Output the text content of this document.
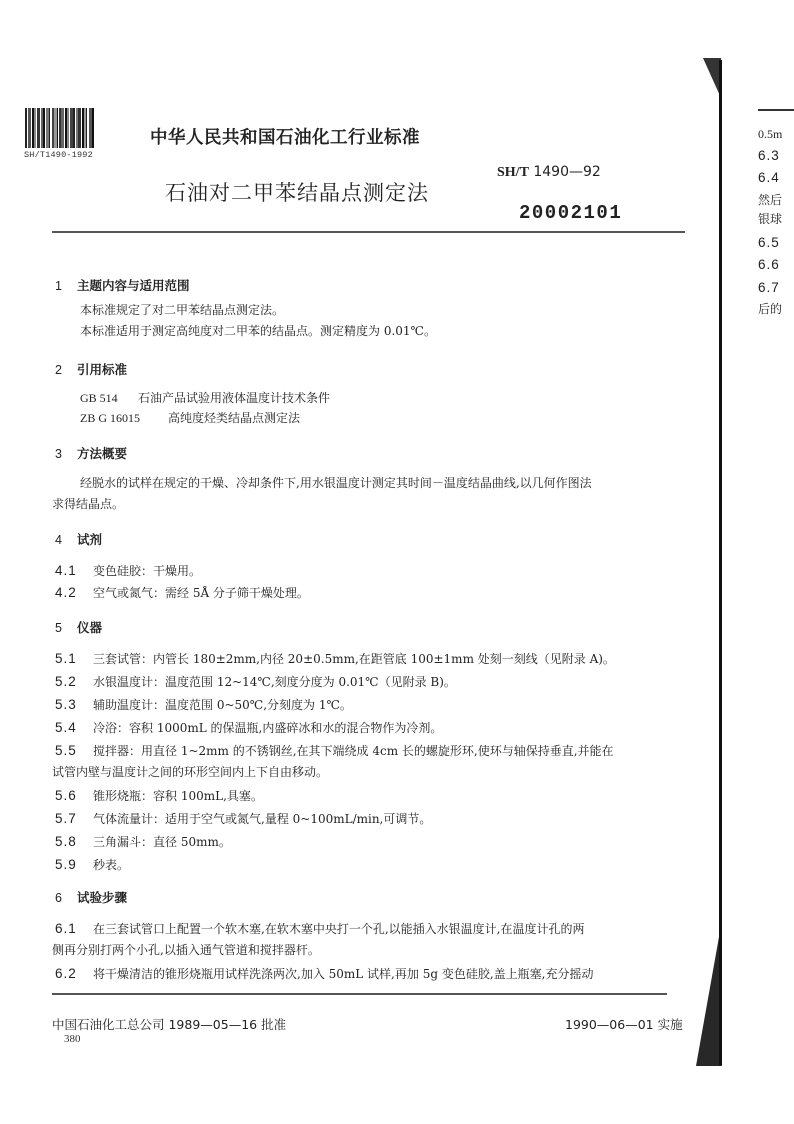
SH/T1490-1992
中华人民共和国石油化工行业标准
石油对二甲苯结晶点测定法
SH/T 1490—92
20002101
1 主题内容与适用范围
本标准规定了对二甲苯结晶点测定法。
本标准适用于测定高纯度对二甲苯的结晶点。测定精度为 0.01℃。
2 引用标准
GB 514 石油产品试验用液体温度计技术条件
ZB G 16015 高纯度烃类结晶点测定法
3 方法概要
经脱水的试样在规定的干燥、冷却条件下,用水银温度计测定其时间－温度结晶曲线,以几何作图法
求得结晶点。
4 试剂
4.1 变色硅胶：干燥用。
4.2 空气或氮气：需经 5Å 分子筛干燥处理。
5 仪器
5.1 三套试管：内管长 180±2mm,内径 20±0.5mm,在距管底 100±1mm 处刻一刻线（见附录 A)。
5.2 水银温度计：温度范围 12~14℃,刻度分度为 0.01℃（见附录 B)。
5.3 辅助温度计：温度范围 0~50℃,分刻度为 1℃。
5.4 冷浴：容积 1000mL 的保温瓶,内盛碎冰和水的混合物作为冷剂。
5.5 搅拌器：用直径 1~2mm 的不锈钢丝,在其下端绕成 4cm 长的螺旋形环,使环与轴保持垂直,并能在
试管内壁与温度计之间的环形空间内上下自由移动。
5.6 锥形烧瓶：容积 100mL,具塞。
5.7 气体流量计：适用于空气或氮气,量程 0~100mL/min,可调节。
5.8 三角漏斗：直径 50mm。
5.9 秒表。
6 试验步骤
6.1 在三套试管口上配置一个软木塞,在软木塞中央打一个孔,以能插入水银温度计,在温度计孔的两
侧再分别打两个小孔,以插入通气管道和搅拌器杆。
6.2 将干燥清洁的锥形烧瓶用试样洗涤两次,加入 50mL 试样,再加 5g 变色硅胶,盖上瓶塞,充分摇动
中国石油化工总公司 1989—05—16 批准	1990—06—01 实施
380
0.5m
6.3
6.4
然后
银球
6.5
6.6
6.7
后的
